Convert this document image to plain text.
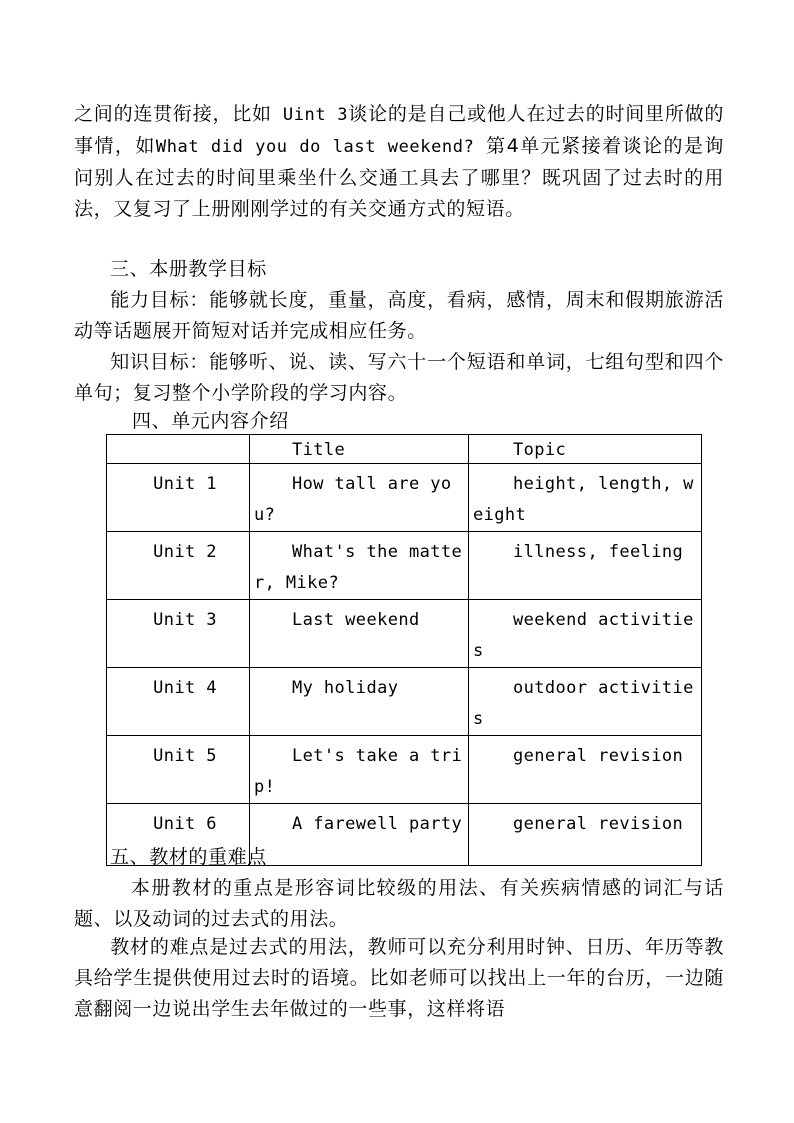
之间的连贯衔接，比如 Uint 3谈论的是自己或他人在过去的时间里所做的事情，如What did you do last weekend? 第4单元紧接着谈论的是询问别人在过去的时间里乘坐什么交通工具去了哪里？既巩固了过去时的用法，又复习了上册刚刚学过的有关交通方式的短语。

三、本册教学目标

能力目标：能够就长度，重量，高度，看病，感情，周末和假期旅游活动等话题展开简短对话并完成相应任务。

知识目标：能够听、说、读、写六十一个短语和单词，七组句型和四个单句；复习整个小学阶段的学习内容。

四、单元内容介绍

	Title	Topic
Unit 1	How tall are you?	height, length, weight
Unit 2	What's the matter, Mike?	illness, feeling
Unit 3	Last weekend	weekend activities
Unit 4	My holiday	outdoor activities
Unit 5	Let's take a trip!	general revision
Unit 6	A farewell party	general revision

五、教材的重难点

本册教材的重点是形容词比较级的用法、有关疾病情感的词汇与话题、以及动词的过去式的用法。

教材的难点是过去式的用法，教师可以充分利用时钟、日历、年历等教具给学生提供使用过去时的语境。比如老师可以找出上一年的台历，一边随意翻阅一边说出学生去年做过的一些事，这样将语
